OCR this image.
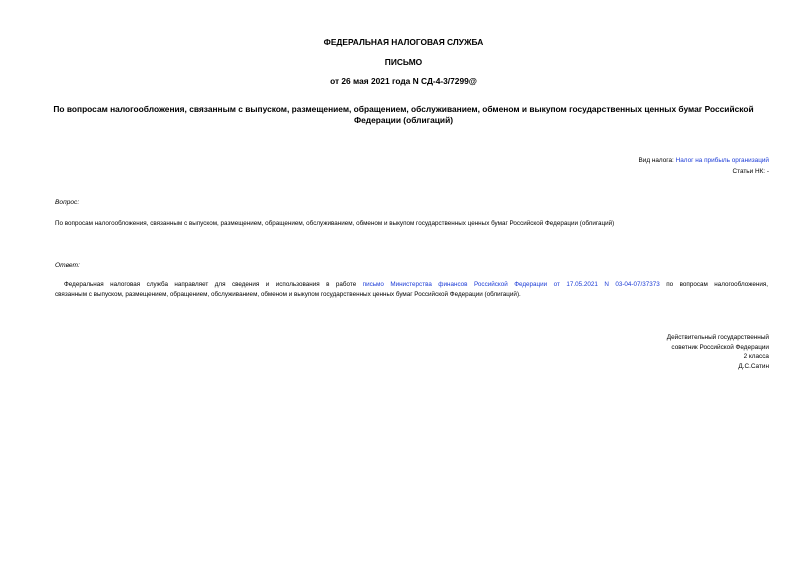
ФЕДЕРАЛЬНАЯ НАЛОГОВАЯ СЛУЖБА
ПИСЬМО
от 26 мая 2021 года N СД-4-3/7299@
По вопросам налогообложения, связанным с выпуском, размещением, обращением, обслуживанием, обменом и выкупом государственных ценных бумаг Российской Федерации (облигаций)
Вид налога: Налог на прибыль организаций
Статьи НК: -
Вопрос:
По вопросам налогообложения, связанным с выпуском, размещением, обращением, обслуживанием, обменом и выкупом государственных ценных бумаг Российской Федерации (облигаций)
Ответ:
Федеральная налоговая служба направляет для сведения и использования в работе письмо Министерства финансов Российской Федерации от 17.05.2021 N 03-04-07/37373 по вопросам налогообложения,
связанным с выпуском, размещением, обращением, обслуживанием, обменом и выкупом государственных ценных бумаг Российской Федерации (облигаций).
Действительный государственный
советник Российской Федерации
2 класса
Д.С.Сатин
